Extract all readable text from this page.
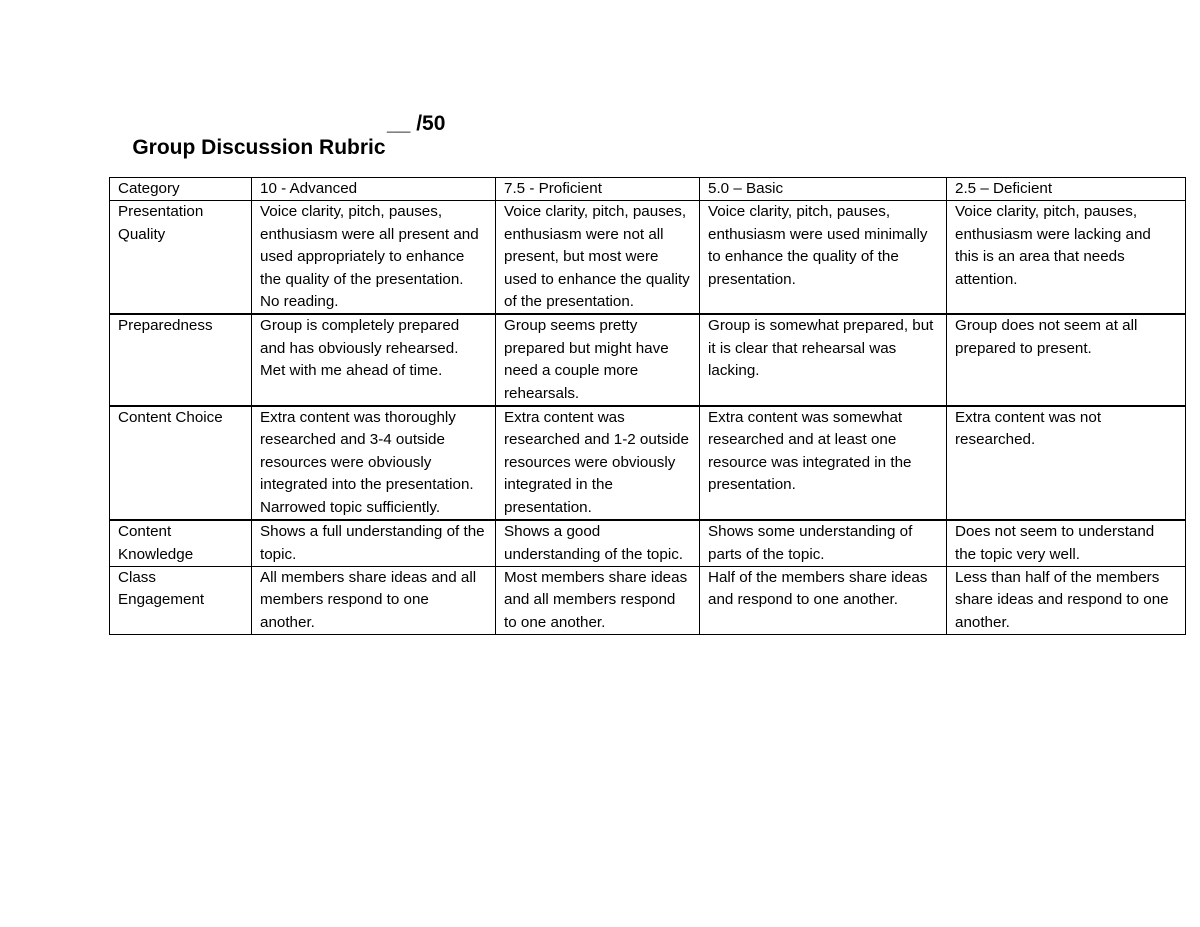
Group Discussion Rubric

__ /50

Category	10 - Advanced	7.5 - Proficient	5.0 – Basic	2.5 – Deficient
Presentation Quality	Voice clarity, pitch, pauses, enthusiasm were all present and used appropriately to enhance the quality of the presentation. No reading.	Voice clarity, pitch, pauses, enthusiasm were not all present, but most were used to enhance the quality of the presentation.	Voice clarity, pitch, pauses, enthusiasm were used minimally to enhance the quality of the presentation.	Voice clarity, pitch, pauses, enthusiasm were lacking and this is an area that needs attention.
Preparedness	Group is completely prepared and has obviously rehearsed. Met with me ahead of time.	Group seems pretty prepared but might have need a couple more rehearsals.	Group is somewhat prepared, but it is clear that rehearsal was lacking.	Group does not seem at all prepared to present.
Content Choice	Extra content was thoroughly researched and 3-4 outside resources were obviously integrated into the presentation. Narrowed topic sufficiently.	Extra content was researched and 1-2 outside resources were obviously integrated in the presentation.	Extra content was somewhat researched and at least one resource was integrated in the presentation.	Extra content was not researched.
Content Knowledge	Shows a full understanding of the topic.	Shows a good understanding of the topic.	Shows some understanding of parts of the topic.	Does not seem to understand the topic very well.
Class Engagement	All members share ideas and all members respond to one another.	Most members share ideas and all members respond to one another.	Half of the members share ideas and respond to one another.	Less than half of the members share ideas and respond to one another.
